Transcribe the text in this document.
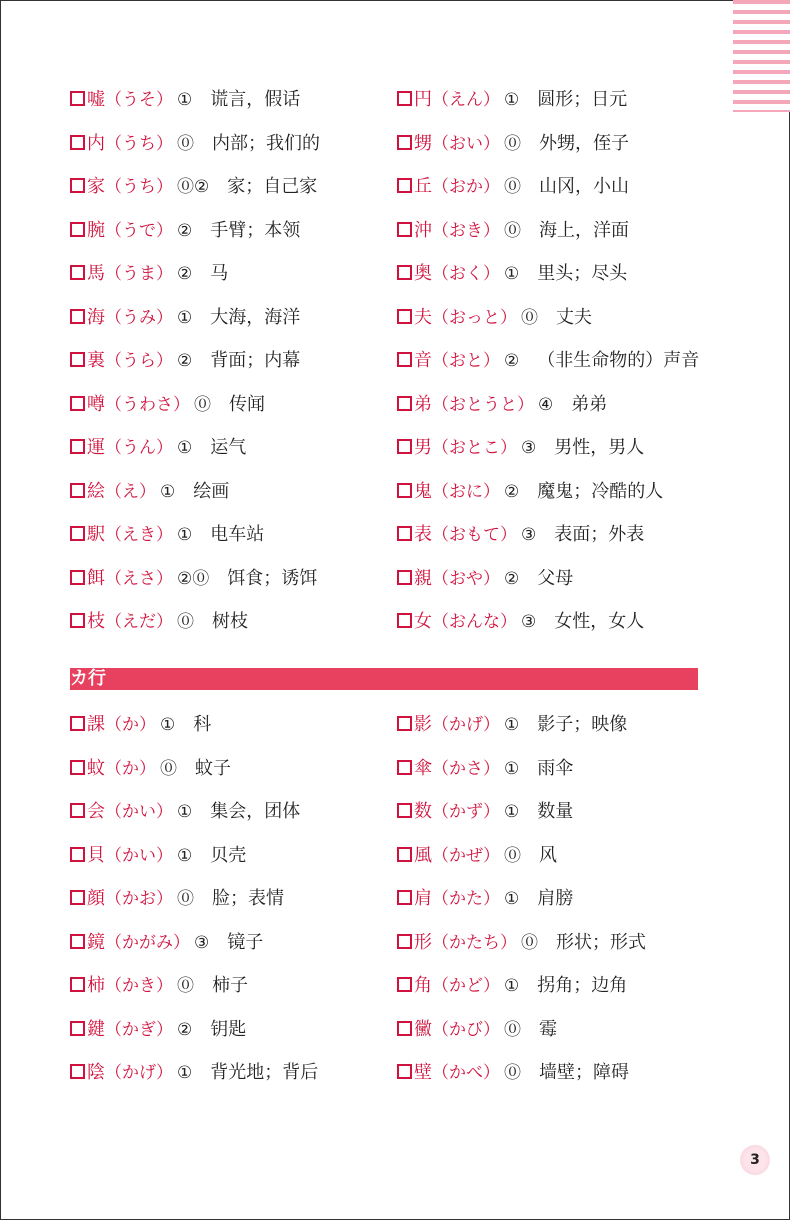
嘘（うそ） ① 谎言，假话
内（うち） ⓪ 内部；我们的
家（うち） ⓪② 家；自己家
腕（うで） ② 手臂；本领
馬（うま） ② 马
海（うみ） ① 大海，海洋
裏（うら） ② 背面；内幕
噂（うわさ） ⓪ 传闻
運（うん） ① 运气
絵（え） ① 绘画
駅（えき） ① 电车站
餌（えさ） ②⓪ 饵食；诱饵
枝（えだ） ⓪ 树枝
円（えん） ① 圆形；日元
甥（おい） ⓪ 外甥，侄子
丘（おか） ⓪ 山冈，小山
沖（おき） ⓪ 海上，洋面
奥（おく） ① 里头；尽头
夫（おっと） ⓪ 丈夫
音（おと） ② （非生命物的）声音
弟（おとうと） ④ 弟弟
男（おとこ） ③ 男性，男人
鬼（おに） ② 魔鬼；冷酷的人
表（おもて） ③ 表面；外表
親（おや） ② 父母
女（おんな） ③ 女性，女人
カ行
課（か） ① 科
蚊（か） ⓪ 蚊子
会（かい） ① 集会，团体
貝（かい） ① 贝壳
顔（かお） ⓪ 脸；表情
鏡（かがみ） ③ 镜子
柿（かき） ⓪ 柿子
鍵（かぎ） ② 钥匙
陰（かげ） ① 背光地；背后
影（かげ） ① 影子；映像
傘（かさ） ① 雨伞
数（かず） ① 数量
風（かぜ） ⓪ 风
肩（かた） ① 肩膀
形（かたち） ⓪ 形状；形式
角（かど） ① 拐角；边角
黴（かび） ⓪ 霉
壁（かべ） ⓪ 墙壁；障碍
3
